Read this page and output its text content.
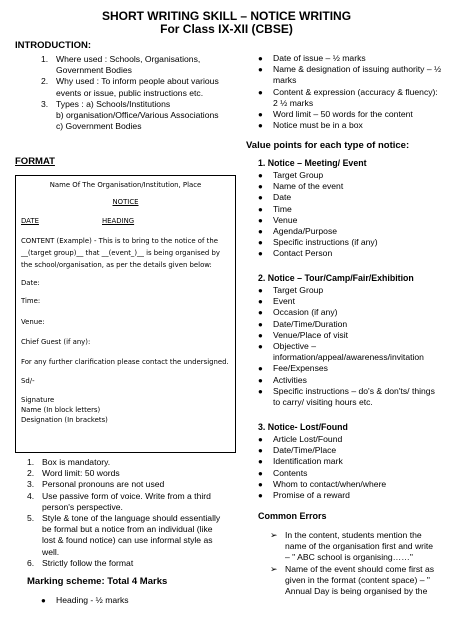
SHORT WRITING SKILL – NOTICE WRITING
For Class IX-XII (CBSE)
INTRODUCTION:
1. Where used : Schools, Organisations,
Government Bodies
2. Why used : To inform people about various
events or issue, public instructions etc.
3. Types : a) Schools/Institutions
b) organisation/Office/Various Associations
c) Government Bodies
FORMAT
Name Of The Organisation/Institution, Place
NOTICE
DATE	HEADING
CONTENT (Example) - This is to bring to the notice of the
__(target group)__ that __(event_)__ is being organised by
the school/organisation, as per the details given below:
Date:
Time:
Venue:
Chief Guest (if any):
For any further clarification please contact the undersigned.
Sd/-
Signature
Name (In block letters)
Designation (In brackets)
1. Box is mandatory.
2. Word limit: 50 words
3. Personal pronouns are not used
4. Use passive form of voice. Write from a third
person's perspective.
5. Style & tone of the language should essentially
be formal but a notice from an individual (like
lost & found notice) can use informal style as
well.
6. Strictly follow the format
Marking scheme: Total 4 Marks
● Heading - ½ marks
● Date of issue – ½ marks
● Name & designation of issuing authority – ½
marks
● Content & expression (accuracy & fluency):
2 ½ marks
● Word limit – 50 words for the content
● Notice must be in a box
Value points for each type of notice:
1. Notice – Meeting/ Event
● Target Group
● Name of the event
● Date
● Time
● Venue
● Agenda/Purpose
● Specific instructions (if any)
● Contact Person
2. Notice – Tour/Camp/Fair/Exhibition
● Target Group
● Event
● Occasion (if any)
● Date/Time/Duration
● Venue/Place of visit
● Objective –
information/appeal/awareness/invitation
● Fee/Expenses
● Activities
● Specific instructions – do's & don'ts/ things
to carry/ visiting hours etc.
3. Notice- Lost/Found
● Article Lost/Found
● Date/Time/Place
● Identification mark
● Contents
● Whom to contact/when/where
● Promise of a reward
Common Errors
➢ In the content, students mention the
name of the organisation first and write
– " ABC school is organising……"
➢ Name of the event should come first as
given in the format (content space) – "
Annual Day is being organised by the
